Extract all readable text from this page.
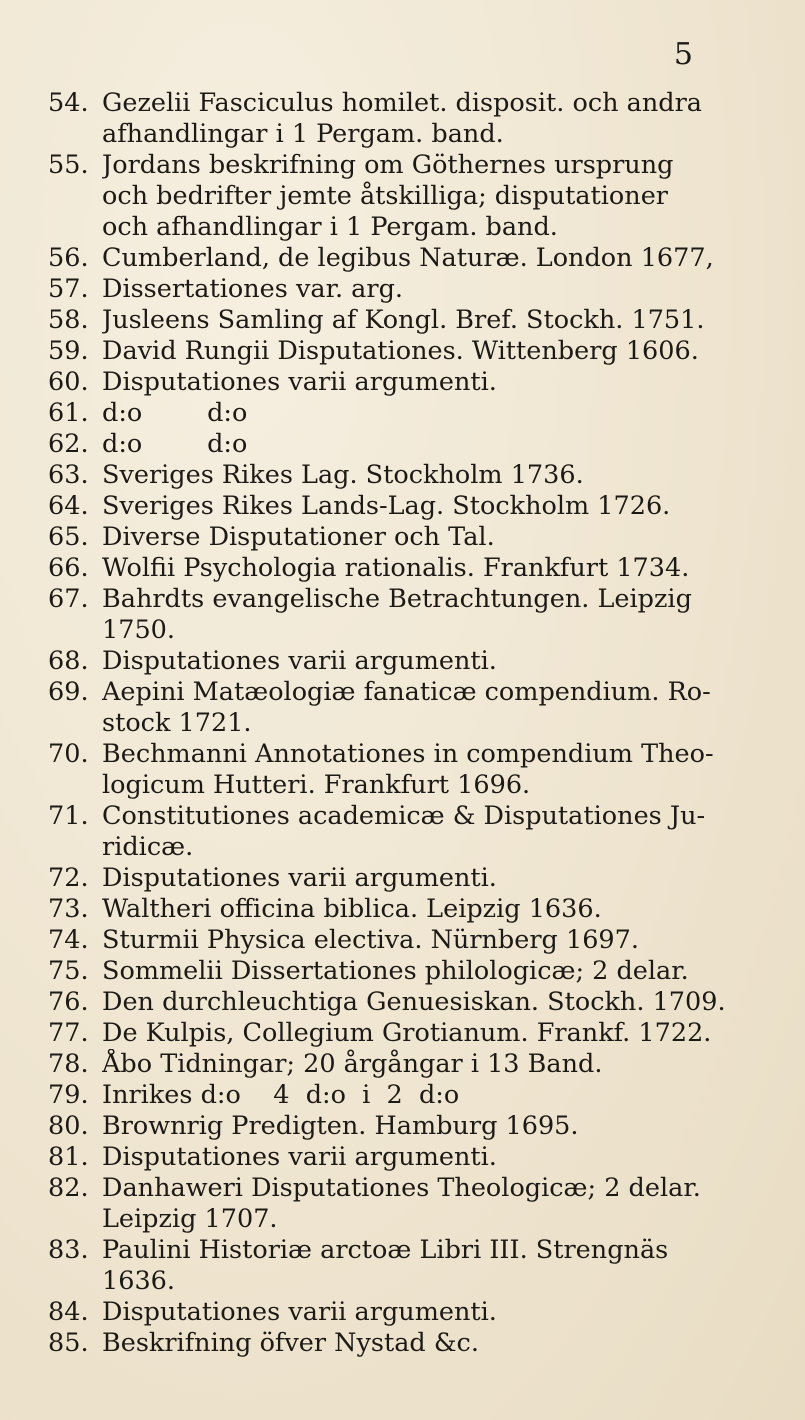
5
54. Gezelii Fasciculus homilet. disposit. och andra
afhandlingar i 1 Pergam. band.
55. Jordans beskrifning om Göthernes ursprung
och bedrifter jemte åtskilliga; disputationer
och afhandlingar i 1 Pergam. band.
56. Cumberland, de legibus Naturæ. London 1677,
57. Dissertationes var. arg.
58. Jusleens Samling af Kongl. Bref. Stockh. 1751.
59. David Rungii Disputationes. Wittenberg 1606.
60. Disputationes varii argumenti.
61. d:o        d:o
62. d:o        d:o
63. Sveriges Rikes Lag. Stockholm 1736.
64. Sveriges Rikes Lands-Lag. Stockholm 1726.
65. Diverse Disputationer och Tal.
66. Wolfii Psychologia rationalis. Frankfurt 1734.
67. Bahrdts evangelische Betrachtungen. Leipzig
1750.
68. Disputationes varii argumenti.
69. Aepini Matæologiæ fanaticæ compendium. Ro-
stock 1721.
70. Bechmanni Annotationes in compendium Theo-
logicum Hutteri. Frankfurt 1696.
71. Constitutiones academicæ & Disputationes Ju-
ridicæ.
72. Disputationes varii argumenti.
73. Waltheri officina biblica. Leipzig 1636.
74. Sturmii Physica electiva. Nürnberg 1697.
75. Sommelii Dissertationes philologicæ; 2 delar.
76. Den durchleuchtiga Genuesiskan. Stockh. 1709.
77. De Kulpis, Collegium Grotianum. Frankf. 1722.
78. Åbo Tidningar; 20 årgångar i 13 Band.
79. Inrikes d:o    4  d:o  i  2  d:o
80. Brownrig Predigten. Hamburg 1695.
81. Disputationes varii argumenti.
82. Danhaweri Disputationes Theologicæ; 2 delar.
Leipzig 1707.
83. Paulini Historiæ arctoæ Libri III. Strengnäs
1636.
84. Disputationes varii argumenti.
85. Beskrifning öfver Nystad &c.
